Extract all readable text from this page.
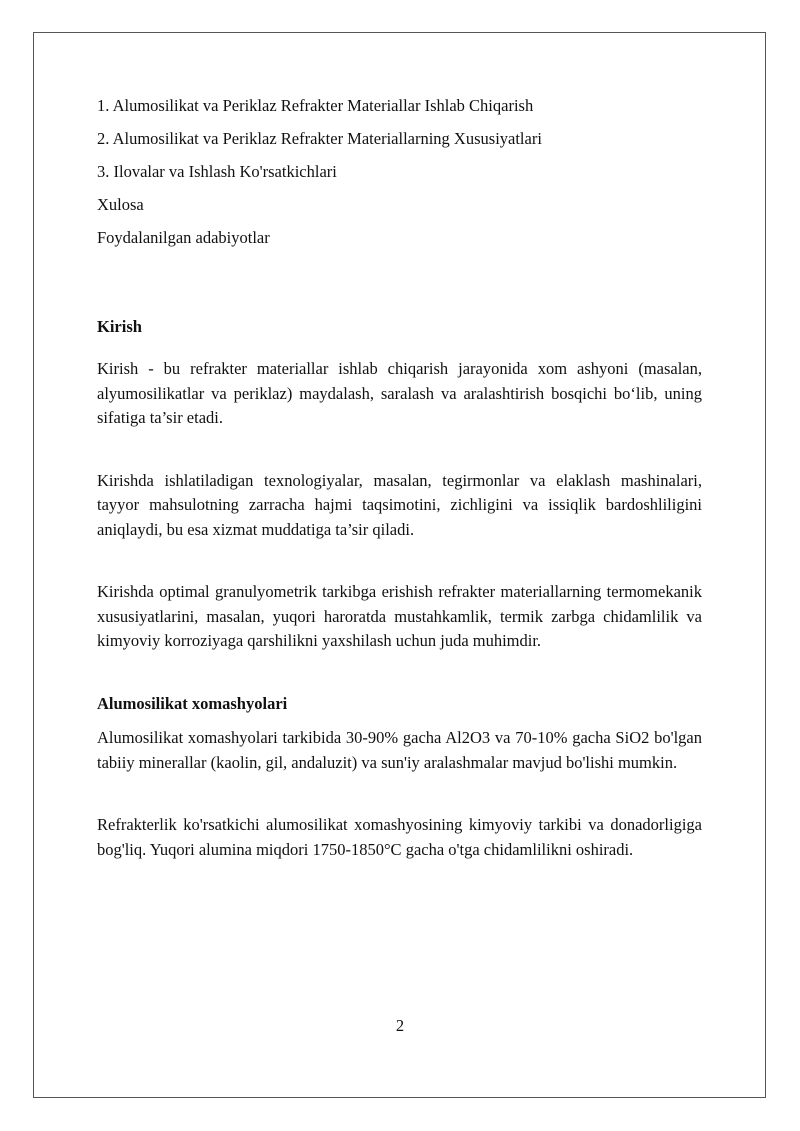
1. Alumosilikat va Periklaz Refrakter Materiallar Ishlab Chiqarish

2. Alumosilikat va Periklaz Refrakter Materiallarning Xususiyatlari

3. Ilovalar va Ishlash Ko'rsatkichlari

Xulosa

Foydalanilgan adabiyotlar

Kirish

Kirish - bu refrakter materiallar ishlab chiqarish jarayonida xom ashyoni (masalan, alyumosilikatlar va periklaz) maydalash, saralash va aralashtirish bosqichi bo‘lib, uning sifatiga ta’sir etadi.

Kirishda ishlatiladigan texnologiyalar, masalan, tegirmonlar va elaklash mashinalari, tayyor mahsulotning zarracha hajmi taqsimotini, zichligini va issiqlik bardoshliligini aniqlaydi, bu esa xizmat muddatiga ta’sir qiladi.

Kirishda optimal granulyometrik tarkibga erishish refrakter materiallarning termomekanik xususiyatlarini, masalan, yuqori haroratda mustahkamlik, termik zarbga chidamlilik va kimyoviy korroziyaga qarshilikni yaxshilash uchun juda muhimdir.

Alumosilikat xomashyolari

Alumosilikat xomashyolari tarkibida 30-90% gacha Al2O3 va 70-10% gacha SiO2 bo'lgan tabiiy minerallar (kaolin, gil, andaluzit) va sun'iy aralashmalar mavjud bo'lishi mumkin.

Refrakterlik ko'rsatkichi alumosilikat xomashyosining kimyoviy tarkibi va donadorligiga bog'liq. Yuqori alumina miqdori 1750-1850°C gacha o'tga chidamlilikni oshiradi.

2
